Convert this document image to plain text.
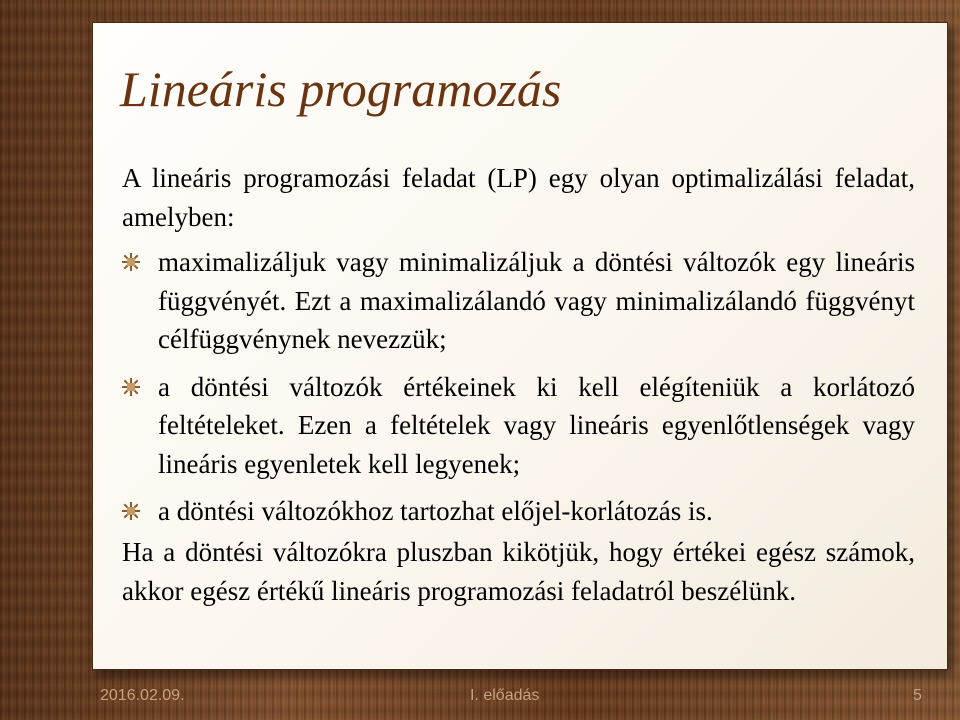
Lineáris programozás
A lineáris programozási feladat (LP) egy olyan optimalizálási feladat, amelyben:
maximalizáljuk vagy minimalizáljuk a döntési változók egy lineáris függvényét. Ezt a maximalizálandó vagy minimalizálandó függvényt célfüggvénynek nevezzük;
a döntési változók értékeinek ki kell elégíteniük a korlátozó feltételeket. Ezen a feltételek vagy lineáris egyenlőtlenségek vagy lineáris egyenletek kell legyenek;
a döntési változókhoz tartozhat előjel-korlátozás is.
Ha a döntési változókra pluszban kikötjük, hogy értékei egész számok, akkor egész értékű lineáris programozási feladatról beszélünk.
2016.02.09.	I. előadás	5
